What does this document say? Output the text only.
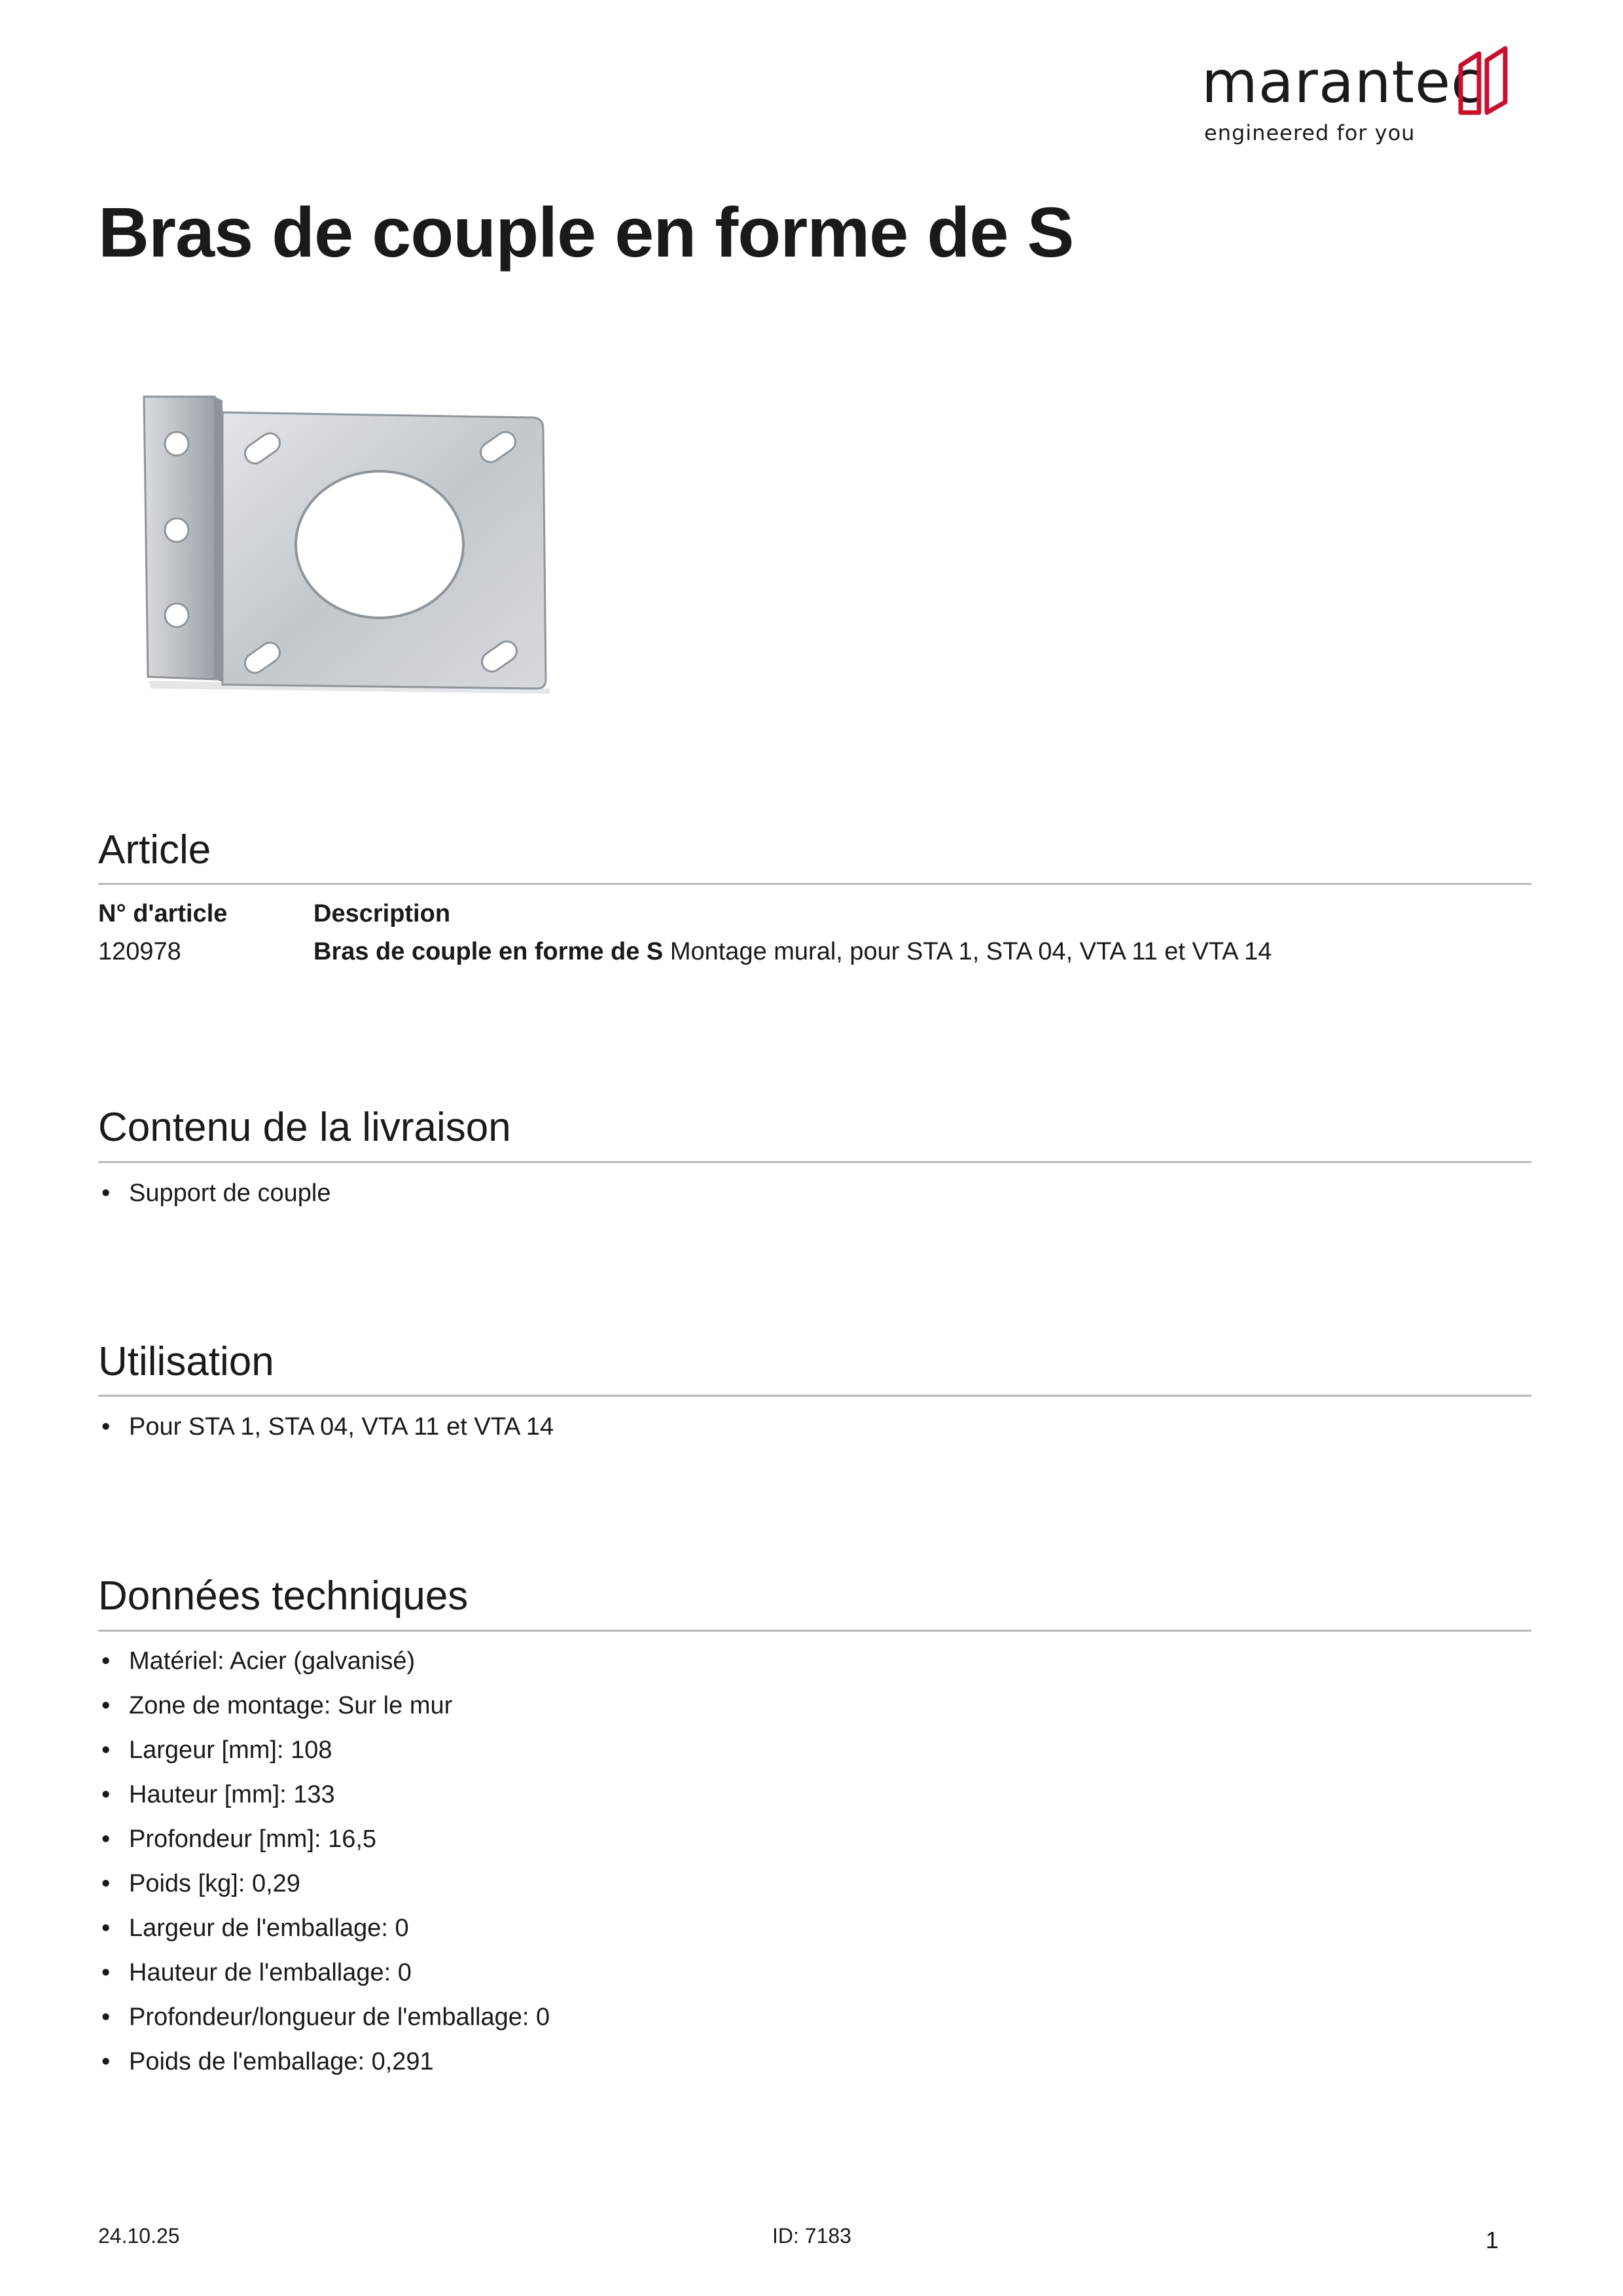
marantec
engineered for you
Bras de couple en forme de S
Article
N° d'article	Description
120978	Bras de couple en forme de S Montage mural, pour STA 1, STA 04, VTA 11 et VTA 14
Contenu de la livraison
• Support de couple
Utilisation
• Pour STA 1, STA 04, VTA 11 et VTA 14
Données techniques
• Matériel: Acier (galvanisé)
• Zone de montage: Sur le mur
• Largeur [mm]: 108
• Hauteur [mm]: 133
• Profondeur [mm]: 16,5
• Poids [kg]: 0,29
• Largeur de l'emballage: 0
• Hauteur de l'emballage: 0
• Profondeur/longueur de l'emballage: 0
• Poids de l'emballage: 0,291
24.10.25	ID: 7183	1
